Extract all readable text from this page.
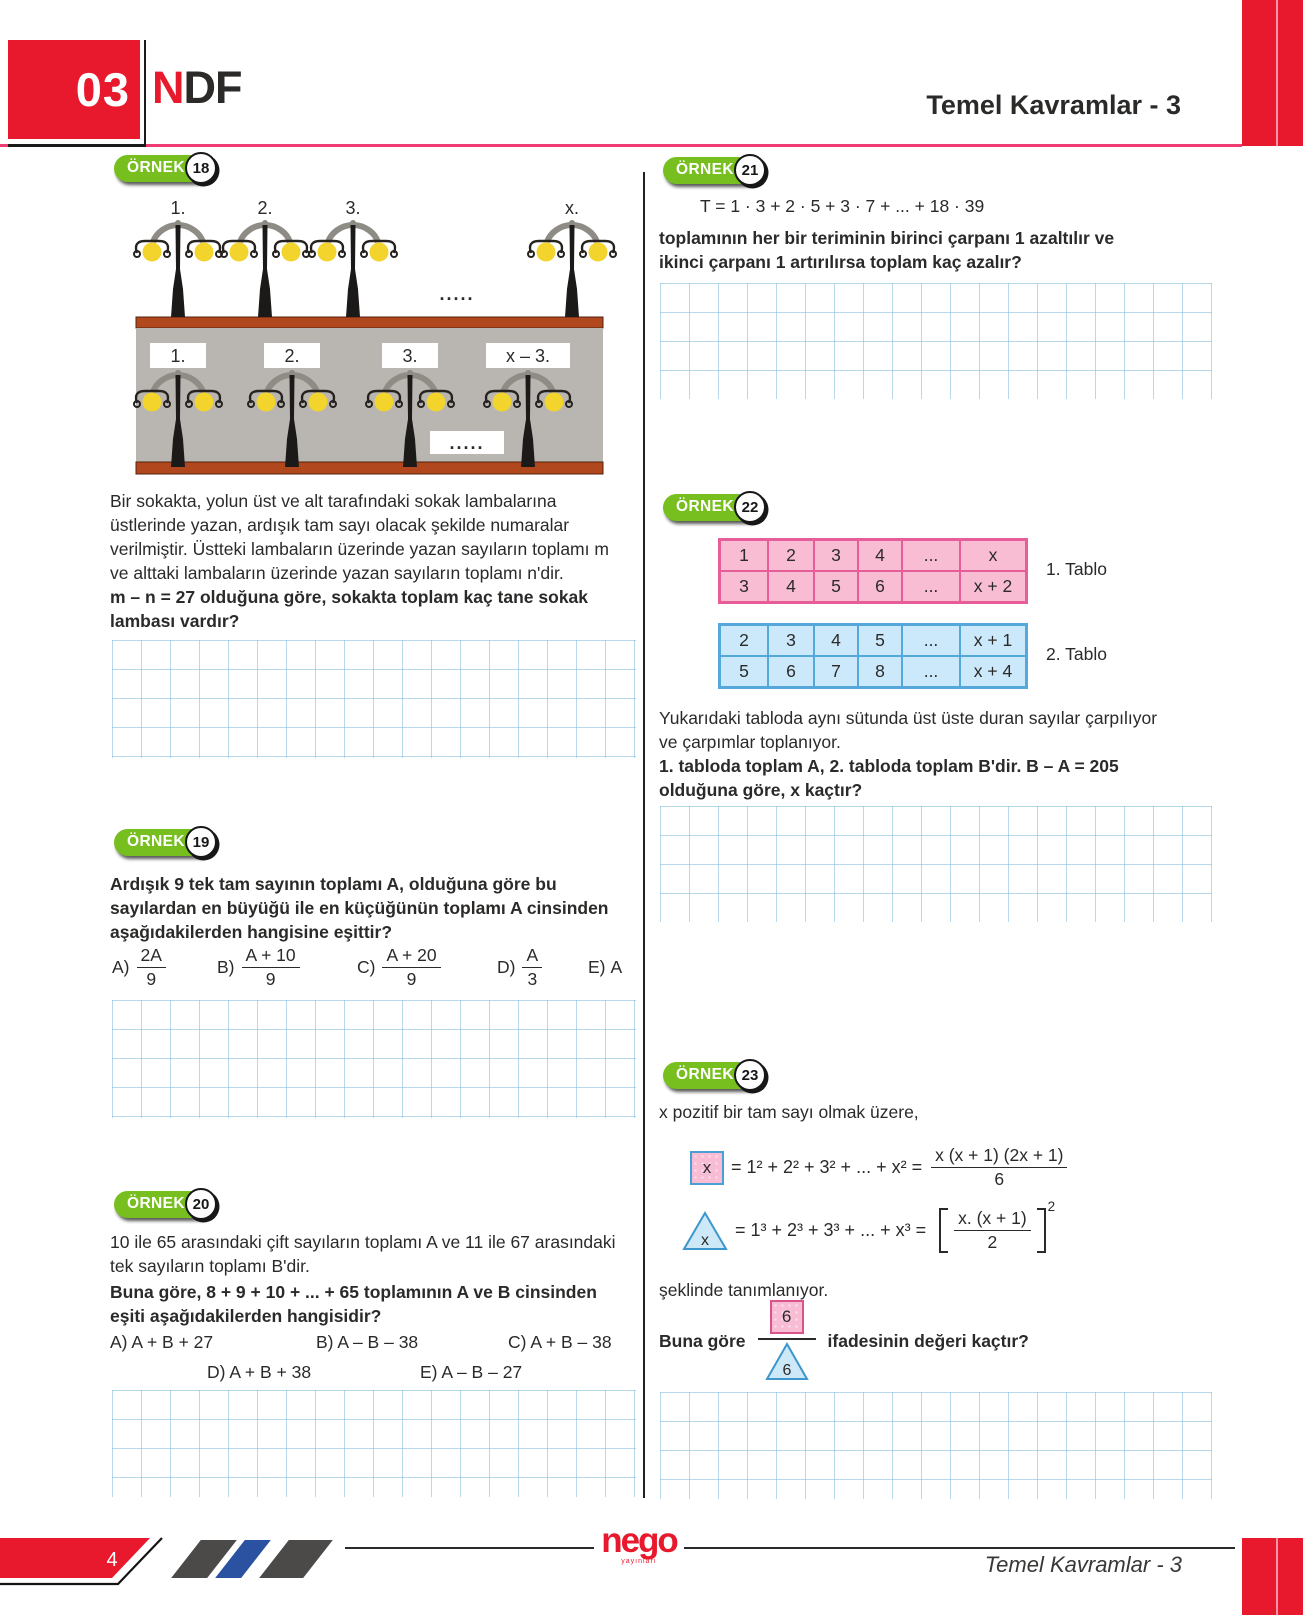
03 NDF	Temel Kavramlar - 3
ÖRNEK 18
1.	2.	3.	x.
.....
1.	2.	3.	x – 3.
.....
Bir sokakta, yolun üst ve alt tarafındaki sokak lambalarına üstlerinde yazan, ardışık tam sayı olacak şekilde numaralar verilmiştir. Üstteki lambaların üzerinde yazan sayıların toplamı m ve alttaki lambaların üzerinde yazan sayıların toplamı n'dir.
m – n = 27 olduğuna göre, sokakta toplam kaç tane sokak lambası vardır?
ÖRNEK 19
Ardışık 9 tek tam sayının toplamı A, olduğuna göre bu sayılardan en büyüğü ile en küçüğünün toplamı A cinsinden aşağıdakilerden hangisine eşittir?
$A) \frac{2A}{9}$	$B) \frac{A + 10}{9}$	$C) \frac{A + 20}{9}$	$D) \frac{A}{3}$	E) A
ÖRNEK 20
10 ile 65 arasındaki çift sayıların toplamı A ve 11 ile 67 arasındaki tek sayıların toplamı B'dir.
Buna göre, 8 + 9 + 10 + ... + 65 toplamının A ve B cinsinden eşiti aşağıdakilerden hangisidir?
A) A + B + 27	B) A – B – 38	C) A + B – 38
D) A + B + 38	E) A – B – 27
ÖRNEK 21
T = 1 · 3 + 2 · 5 + 3 · 7 + ... + 18 · 39
toplamının her bir teriminin birinci çarpanı 1 azaltılır ve ikinci çarpanı 1 artırılırsa toplam kaç azalır?
ÖRNEK 22
1	2	3	4	...	x
3	4	5	6	...	x + 2
1. Tablo
2	3	4	5	...	x + 1
5	6	7	8	...	x + 4
2. Tablo
Yukarıdaki tabloda aynı sütunda üst üste duran sayılar çarpılıyor ve çarpımlar toplanıyor.
1. tabloda toplam A, 2. tabloda toplam B'dir. B – A = 205 olduğuna göre, x kaçtır?
ÖRNEK 23
x pozitif bir tam sayı olmak üzere,
x	= 1² + 2² + 3² + ... + $x^2 = \frac{x (x + 1) (2x + 1)}{6}$
x = 1³ + 2³ + 3³ + ... + $x^3 = \frac{x. (x + 1)}{2}$
$^2$
şeklinde tanımlanıyor.
Buna göre
6
6
ifadesinin değeri kaçtır?
4	nego
yayınları	Temel Kavramlar - 3
